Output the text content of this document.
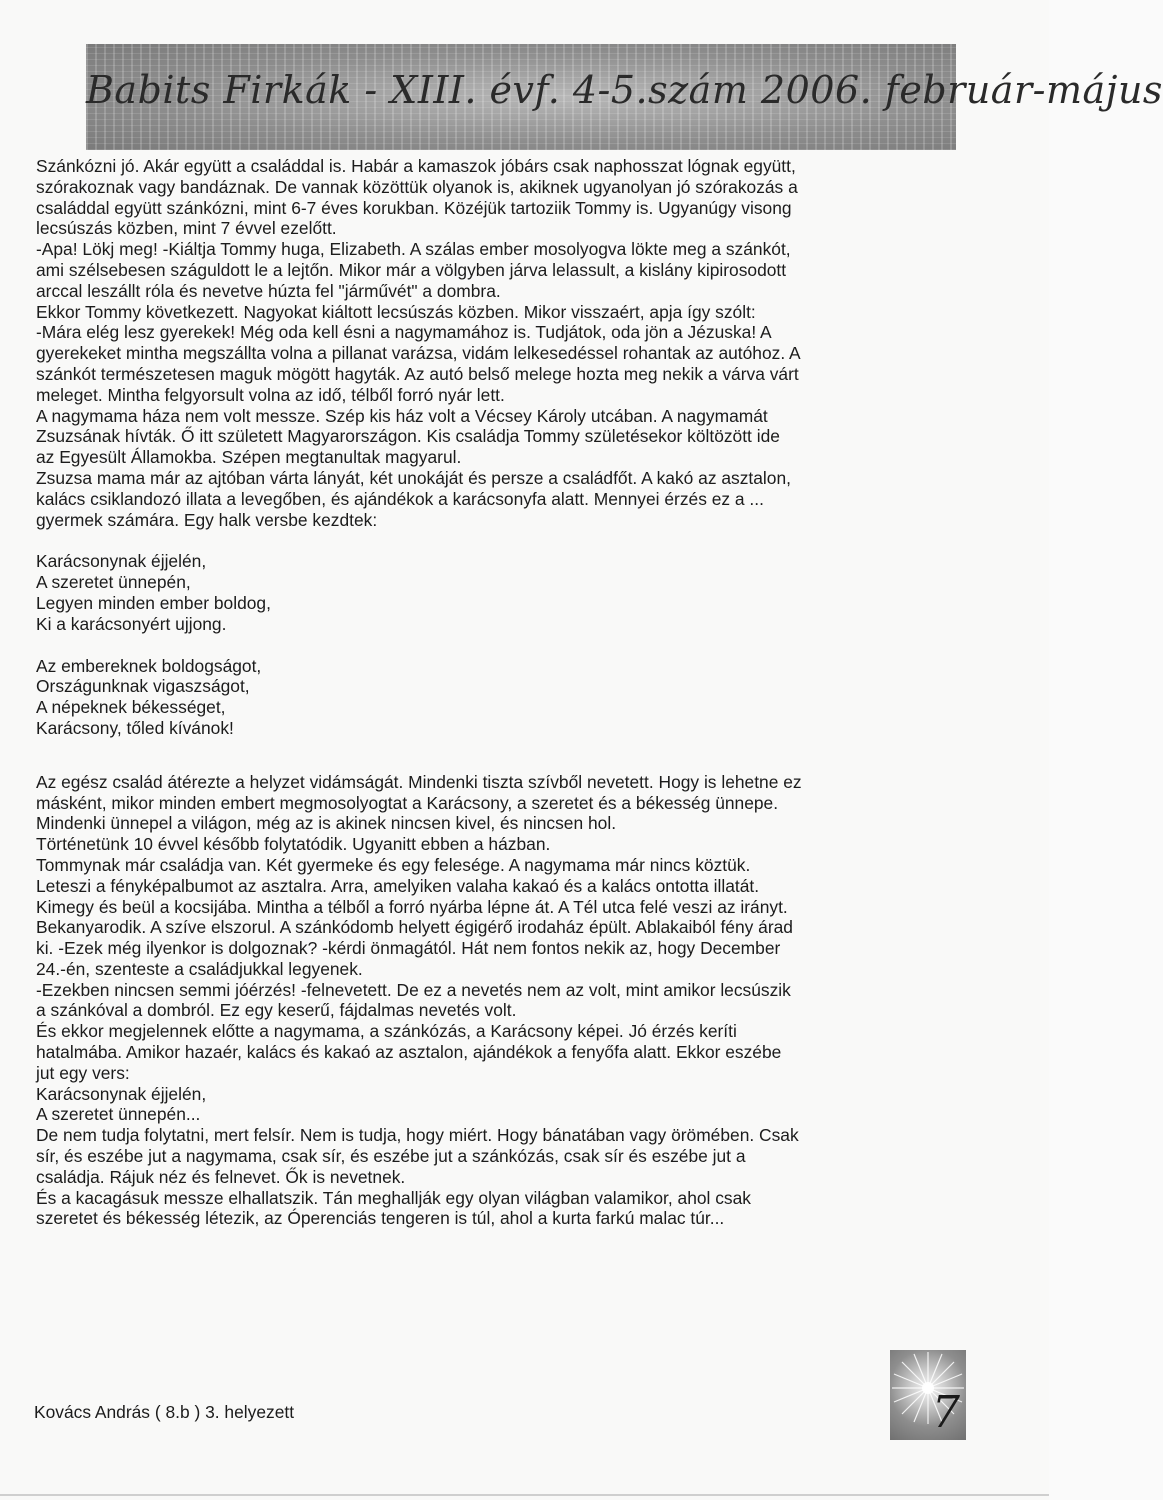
Babits Firkák - XIII. évf. 4-5.szám 2006. február-május

Szánkózni jó. Akár együtt a családdal is. Habár a kamaszok jóbárs csak naphosszat lógnak együtt,

szórakoznak vagy bandáznak. De vannak közöttük olyanok is, akiknek ugyanolyan jó szórakozás a

családdal együtt szánkózni, mint 6-7 éves korukban. Közéjük tartoziik Tommy is. Ugyanúgy visong

lecsúszás közben, mint 7 évvel ezelőtt.

-Apa! Lökj meg! -Kiáltja Tommy huga, Elizabeth. A szálas ember mosolyogva lökte meg a szánkót,

ami szélsebesen száguldott le a lejtőn. Mikor már a völgyben járva lelassult, a kislány kipirosodott

arccal leszállt róla és nevetve húzta fel "járművét" a dombra.

Ekkor Tommy következett. Nagyokat kiáltott lecsúszás közben. Mikor visszaért, apja így szólt:

-Mára elég lesz gyerekek! Még oda kell ésni a nagymamához is. Tudjátok, oda jön a Jézuska! A

gyerekeket mintha megszállta volna a pillanat varázsa, vidám lelkesedéssel rohantak az autóhoz. A

szánkót természetesen maguk mögött hagyták. Az autó belső melege hozta meg nekik a várva várt

meleget. Mintha felgyorsult volna az idő, télből forró nyár lett.

A nagymama háza nem volt messze. Szép kis ház volt a Vécsey Károly utcában. A nagymamát

Zsuzsának hívták. Ő itt született Magyarországon. Kis családja Tommy születésekor költözött ide

az Egyesült Államokba. Szépen megtanultak magyarul.

Zsuzsa mama már az ajtóban várta lányát, két unokáját és persze a családfőt. A kakó az asztalon,

kalács csiklandozó illata a levegőben, és ajándékok a karácsonyfa alatt. Mennyei érzés ez a ...

gyermek számára. Egy halk versbe kezdtek:

Karácsonynak éjjelén,

A szeretet ünnepén,

Legyen minden ember boldog,

Ki a karácsonyért ujjong.

Az embereknek boldogságot,

Országunknak vigaszságot,

A népeknek békességet,

Karácsony, tőled kívánok!

Az egész család átérezte a helyzet vidámságát. Mindenki tiszta szívből nevetett. Hogy is lehetne ez

másként, mikor minden embert megmosolyogtat a Karácsony, a szeretet és a békesség ünnepe.

Mindenki ünnepel a világon, még az is akinek nincsen kivel, és nincsen hol.

Történetünk 10 évvel később folytatódik. Ugyanitt ebben a házban.

Tommynak már családja van. Két gyermeke és egy felesége. A nagymama már nincs köztük.

Leteszi a fényképalbumot az asztalra. Arra, amelyiken valaha kakaó és a kalács ontotta illatát.

Kimegy és beül a kocsijába. Mintha a télből a forró nyárba lépne át. A Tél utca felé veszi az irányt.

Bekanyarodik. A szíve elszorul. A szánkódomb helyett égigérő irodaház épült. Ablakaiból fény árad

ki. -Ezek még ilyenkor is dolgoznak? -kérdi önmagától. Hát nem fontos nekik az, hogy December

24.-én, szenteste a családjukkal legyenek.

-Ezekben nincsen semmi jóérzés! -felnevetett. De ez a nevetés nem az volt, mint amikor lecsúszik

a szánkóval a dombról. Ez egy keserű, fájdalmas nevetés volt.

És ekkor megjelennek előtte a nagymama, a szánkózás, a Karácsony képei. Jó érzés keríti

hatalmába. Amikor hazaér, kalács és kakaó az asztalon, ajándékok a fenyőfa alatt. Ekkor eszébe

jut egy vers:

Karácsonynak éjjelén,

A szeretet ünnepén...

De nem tudja folytatni, mert felsír. Nem is tudja, hogy miért. Hogy bánatában vagy örömében. Csak

sír, és eszébe jut a nagymama, csak sír, és eszébe jut a szánkózás, csak sír és eszébe jut a

családja. Rájuk néz és felnevet. Ők is nevetnek.

És a kacagásuk messze elhallatszik. Tán meghallják egy olyan világban valamikor, ahol csak

szeretet és békesség létezik, az Óperenciás tengeren is túl, ahol a kurta farkú malac túr...

Kovács András ( 8.b ) 3. helyezett	7
